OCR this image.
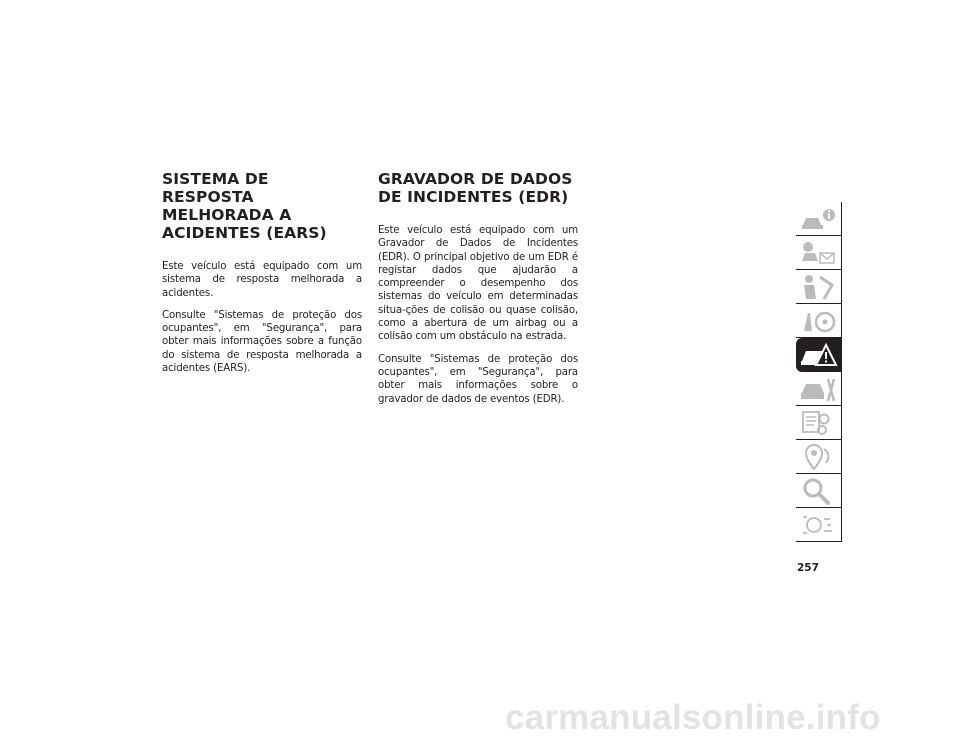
SISTEMA DE RESPOSTA MELHORADA A ACIDENTES (EARS)

Este veículo está equipado com um sistema de resposta melhorada a acidentes.

Consulte "Sistemas de proteção dos ocupantes", em "Segurança", para obter mais informações sobre a função do sistema de resposta melhorada a acidentes (EARS).

GRAVADOR DE DADOS DE INCIDENTES (EDR)

Este veículo está equipado com um Gravador de Dados de Incidentes (EDR). O principal objetivo de um EDR é registar dados que ajudarão a compreender o desempenho dos sistemas do veículo em determinadas situa-ções de colisão ou quase colisão, como a abertura de um airbag ou a colisão com um obstáculo na estrada.

Consulte "Sistemas de proteção dos ocupantes", em "Segurança", para obter mais informações sobre o gravador de dados de eventos (EDR).

257
carmanualsonline.info
